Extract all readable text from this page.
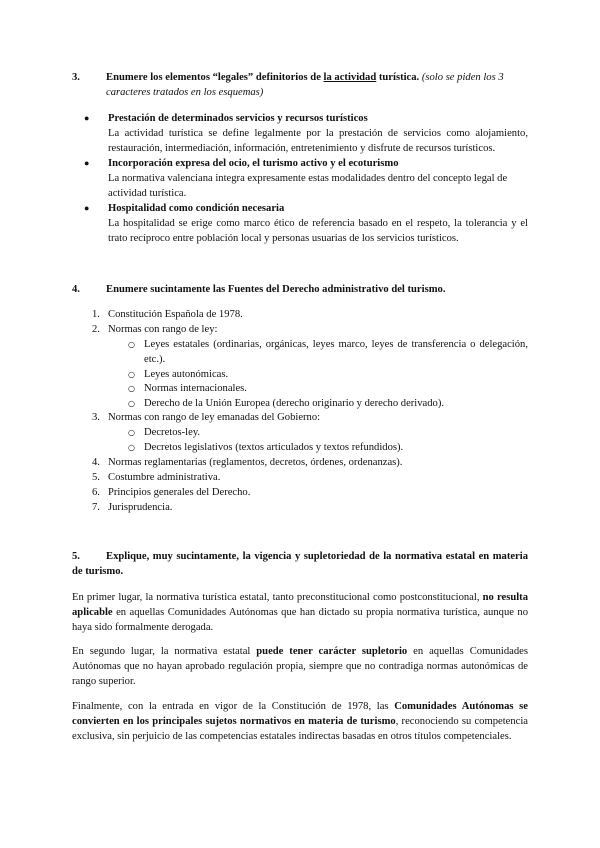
3.	Enumere los elementos “legales” definitorios de la actividad turística. (solo se piden los 3 caracteres tratados en los esquemas)
●	Prestación de determinados servicios y recursos turísticos
La actividad turística se define legalmente por la prestación de servicios como alojamiento, restauración, intermediación, información, entretenimiento y disfrute de recursos turísticos.
●	Incorporación expresa del ocio, el turismo activo y el ecoturismo
La normativa valenciana integra expresamente estas modalidades dentro del concepto legal de actividad turística.
●	Hospitalidad como condición necesaria
La hospitalidad se erige como marco ético de referencia basado en el respeto, la tolerancia y el trato recíproco entre población local y personas usuarias de los servicios turísticos.
4.	Enumere sucintamente las Fuentes del Derecho administrativo del turismo.
1. Constitución Española de 1978.
2. Normas con rango de ley:
○ Leyes estatales (ordinarias, orgánicas, leyes marco, leyes de transferencia o delegación, etc.).
○ Leyes autonómicas.
○ Normas internacionales.
○ Derecho de la Unión Europea (derecho originario y derecho derivado).
3. Normas con rango de ley emanadas del Gobierno:
○ Decretos-ley.
○ Decretos legislativos (textos articulados y textos refundidos).
4. Normas reglamentarias (reglamentos, decretos, órdenes, ordenanzas).
5. Costumbre administrativa.
6. Principios generales del Derecho.
7. Jurisprudencia.
5. Explique, muy sucintamente, la vigencia y supletoriedad de la normativa estatal en materia de turismo.
En primer lugar, la normativa turística estatal, tanto preconstitucional como postconstitucional, no resulta aplicable en aquellas Comunidades Autónomas que han dictado su propia normativa turística, aunque no haya sido formalmente derogada.
En segundo lugar, la normativa estatal puede tener carácter supletorio en aquellas Comunidades Autónomas que no hayan aprobado regulación propia, siempre que no contradiga normas autonómicas de rango superior.
Finalmente, con la entrada en vigor de la Constitución de 1978, las Comunidades Autónomas se convierten en los principales sujetos normativos en materia de turismo, reconociendo su competencia exclusiva, sin perjuicio de las competencias estatales indirectas basadas en otros títulos competenciales.
